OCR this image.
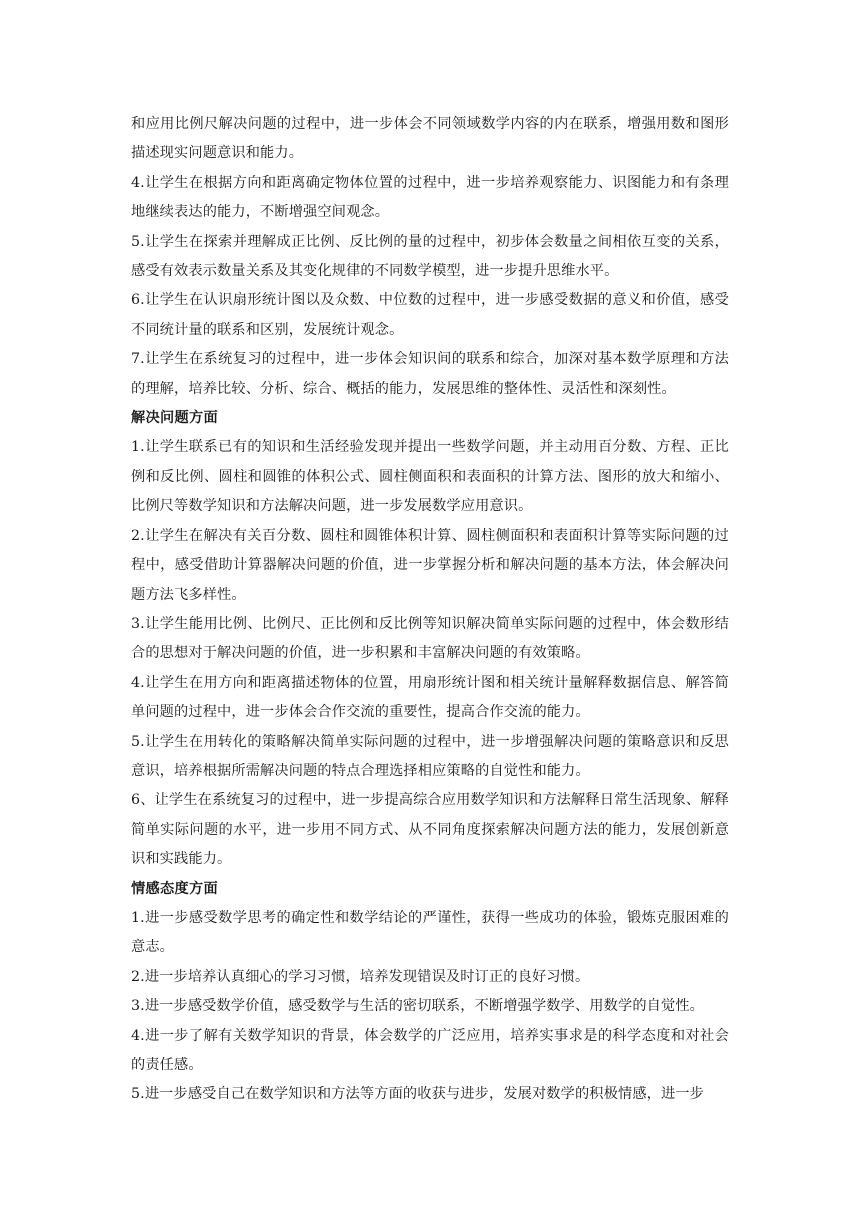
和应用比例尺解决问题的过程中，进一步体会不同领域数学内容的内在联系，增强用数和图形描述现实问题意识和能力。

4.让学生在根据方向和距离确定物体位置的过程中，进一步培养观察能力、识图能力和有条理地继续表达的能力，不断增强空间观念。

5.让学生在探索并理解成正比例、反比例的量的过程中，初步体会数量之间相依互变的关系，感受有效表示数量关系及其变化规律的不同数学模型，进一步提升思维水平。

6.让学生在认识扇形统计图以及众数、中位数的过程中，进一步感受数据的意义和价值，感受不同统计量的联系和区别，发展统计观念。

7.让学生在系统复习的过程中，进一步体会知识间的联系和综合，加深对基本数学原理和方法的理解，培养比较、分析、综合、概括的能力，发展思维的整体性、灵活性和深刻性。

解决问题方面

1.让学生联系已有的知识和生活经验发现并提出一些数学问题，并主动用百分数、方程、正比例和反比例、圆柱和圆锥的体积公式、圆柱侧面积和表面积的计算方法、图形的放大和缩小、比例尺等数学知识和方法解决问题，进一步发展数学应用意识。

2.让学生在解决有关百分数、圆柱和圆锥体积计算、圆柱侧面积和表面积计算等实际问题的过程中，感受借助计算器解决问题的价值，进一步掌握分析和解决问题的基本方法，体会解决问题方法飞多样性。

3.让学生能用比例、比例尺、正比例和反比例等知识解决简单实际问题的过程中，体会数形结合的思想对于解决问题的价值，进一步积累和丰富解决问题的有效策略。

4.让学生在用方向和距离描述物体的位置，用扇形统计图和相关统计量解释数据信息、解答简单问题的过程中，进一步体会合作交流的重要性，提高合作交流的能力。

5.让学生在用转化的策略解决简单实际问题的过程中，进一步增强解决问题的策略意识和反思意识，培养根据所需解决问题的特点合理选择相应策略的自觉性和能力。

6、让学生在系统复习的过程中，进一步提高综合应用数学知识和方法解释日常生活现象、解释简单实际问题的水平，进一步用不同方式、从不同角度探索解决问题方法的能力，发展创新意识和实践能力。

情感态度方面

1.进一步感受数学思考的确定性和数学结论的严谨性，获得一些成功的体验，锻炼克服困难的意志。

2.进一步培养认真细心的学习习惯，培养发现错误及时订正的良好习惯。

3.进一步感受数学价值，感受数学与生活的密切联系，不断增强学数学、用数学的自觉性。

4.进一步了解有关数学知识的背景，体会数学的广泛应用，培养实事求是的科学态度和对社会的责任感。

5.进一步感受自己在数学知识和方法等方面的收获与进步，发展对数学的积极情感，进一步
